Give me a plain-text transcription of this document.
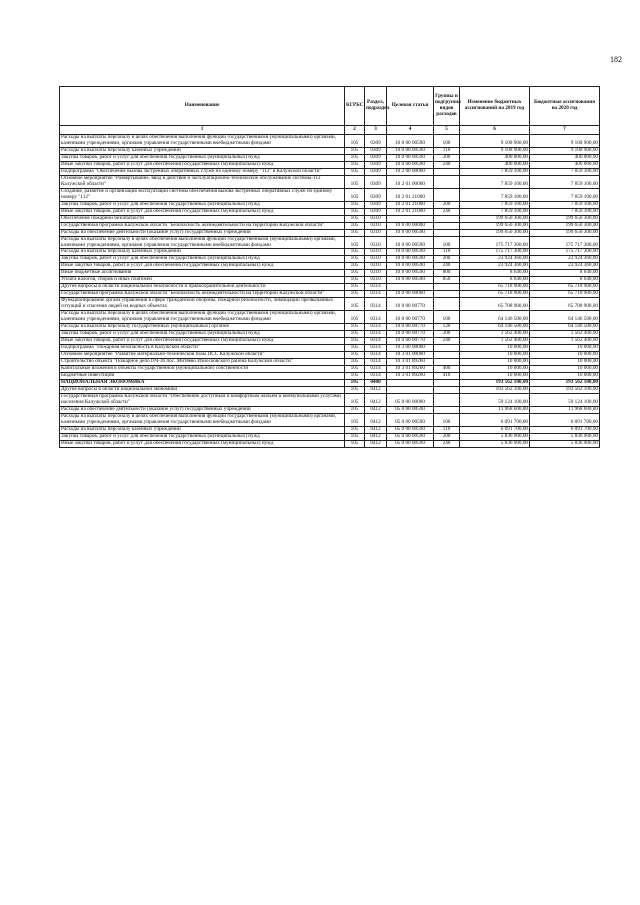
182
Наименование	КГРБС	Раздел, подраздел	Целевая статья	Группы и подгруппы видов расходов	Изменение бюджетных ассигнований на 2019 год	Бюджетные ассигнования на 2020 год
1	2	3	4	5	6	7
Расходы на выплаты персоналу в целях обеспечения выполнения функций государственными (муниципальными) органами, казенными учреждениями, органами управления государственными внебюджетными фондами	105	0309	10 0 00 00590	100	9 108 900,00	9 108 900,00
Расходы на выплаты персоналу казенных учреждений	105	0309	10 0 00 00590	110	9 108 900,00	9 108 900,00
Закупка товаров, работ и услуг для обеспечения государственных (муниципальных) нужд	105	0309	10 0 00 00590	200	400 000,00	400 000,00
Иные закупки товаров, работ и услуг для обеспечения государственных (муниципальных) нужд	105	0309	10 0 00 00590	240	400 000,00	400 000,00
Подпрограмма "Обеспечение вызова экстренных оперативных служб по единому номеру "112" в Калужской области"	105	0309	10 2 00 00000		7 859 100,00	7 859 100,00
Основное мероприятие "Развертывание, ввод в действие и эксплуатационно-техническое обслуживание системы-112 Калужской области"	105	0309	10 2 01 00000		7 859 100,00	7 859 100,00
Создание, развитие и организация эксплуатации системы обеспечения вызова экстренных оперативных служб по единому номеру "112"	105	0309	10 2 01 21000		7 859 100,00	7 859 100,00
Закупка товаров, работ и услуг для обеспечения государственных (муниципальных) нужд	105	0309	10 2 01 21000	200	7 859 100,00	7 859 100,00
Иные закупки товаров, работ и услуг для обеспечения государственных (муниципальных) нужд	105	0309	10 2 01 21000	240	7 859 100,00	7 859 100,00
Обеспечение пожарной безопасности	105	0310			199 650 300,00	199 650 300,00
Государственная программа Калужской области "Безопасность жизнедеятельности на территории Калужской области"	105	0310	10 0 00 00000		199 650 300,00	199 650 300,00
Расходы на обеспечение деятельности (оказание услуг) государственных учреждений	105	0310	10 0 00 00590		199 650 300,00	199 650 300,00
Расходы на выплаты персоналу в целях обеспечения выполнения функций государственными (муниципальными) органами, казенными учреждениями, органами управления государственными внебюджетными фондами	105	0310	10 0 00 00590	100	175 717 300,00	175 717 300,00
Расходы на выплаты персоналу казенных учреждений	105	0310	10 0 00 00590	110	175 717 300,00	175 717 300,00
Закупка товаров, работ и услуг для обеспечения государственных (муниципальных) нужд	105	0310	10 0 00 00590	200	23 924 360,00	23 924 360,00
Иные закупки товаров, работ и услуг для обеспечения государственных (муниципальных) нужд	105	0310	10 0 00 00590	240	23 924 360,00	23 924 360,00
Иные бюджетные ассигнования	105	0310	10 0 00 00590	800	8 640,00	8 640,00
Уплата налогов, сборов и иных платежей	105	0310	10 0 00 00590	850	8 640,00	8 640,00
Другие вопросы в области национальной безопасности и правоохранительной деятельности	105	0314			65 718 900,00	65 718 900,00
Государственная программа Калужской области "Безопасность жизнедеятельности на территории Калужской области"	105	0314	10 0 00 00000		65 718 900,00	65 718 900,00
Функционирование органа управления в сфере гражданской обороны, пожарной безопасности, ликвидации чрезвычайных ситуаций и спасения людей на водных объектах	105	0314	10 0 00 00770		65 708 900,00	65 708 900,00
Расходы на выплаты персоналу в целях обеспечения выполнения функций государственными (муниципальными) органами, казенными учреждениями, органами управления государственными внебюджетными фондами	105	0314	10 0 00 00770	100	64 146 500,00	64 146 500,00
Расходы на выплаты персоналу государственных (муниципальных) органов	105	0314	10 0 00 00770	120	64 146 500,00	64 146 500,00
Закупка товаров, работ и услуг для обеспечения государственных (муниципальных) нужд	105	0314	10 0 00 00770	200	1 562 400,00	1 562 400,00
Иные закупки товаров, работ и услуг для обеспечения государственных (муниципальных) нужд	105	0314	10 0 00 00770	240	1 562 400,00	1 562 400,00
Подпрограмма "Пожарная безопасность в Калужской области"	105	0314	10 3 00 00000		10 000,00	10 000,00
Основное мероприятие "Развитие материально-технической базы ПСС Калужской области"	105	0314	10 3 01 00000		10 000,00	10 000,00
Строительство объекта "Пожарное депо ПЧ-36 пос. Митяево Износковского района Калужской области"	105	0314	10 3 01 89260		10 000,00	10 000,00
Капитальные вложения в объекты государственной (муниципальной) собственности	105	0314	10 3 01 89260	400	10 000,00	10 000,00
Бюджетные инвестиции	105	0314	10 3 01 89260	410	10 000,00	10 000,00
НАЦИОНАЛЬНАЯ ЭКОНОМИКА	105	0400			193 562 100,00	193 562 100,00
Другие вопросы в области национальной экономики	105	0412			193 562 100,00	193 562 100,00
Государственная программа Калужской области "Обеспечение доступным и комфортным жильем и коммунальными услугами населения Калужской области"	105	0412	05 0 00 00000		59 124 100,00	59 124 100,00
Расходы на обеспечение деятельности (оказание услуг) государственных учреждений	105	0412	05 0 00 00590		11 968 600,00	11 968 600,00
Расходы на выплаты персоналу в целях обеспечения выполнения функций государственными (муниципальными) органами, казенными учреждениями, органами управления государственными внебюджетными фондами	105	0412	05 0 00 00590	100	6 091 700,00	6 091 700,00
Расходы на выплаты персоналу казенных учреждений	105	0412	05 0 00 00590	110	6 091 700,00	6 091 700,00
Закупка товаров, работ и услуг для обеспечения государственных (муниципальных) нужд	105	0412	05 0 00 00590	200	5 836 900,00	5 836 900,00
Иные закупки товаров, работ и услуг для обеспечения государственных (муниципальных) нужд	105	0412	05 0 00 00590	240	5 836 900,00	5 836 900,00
